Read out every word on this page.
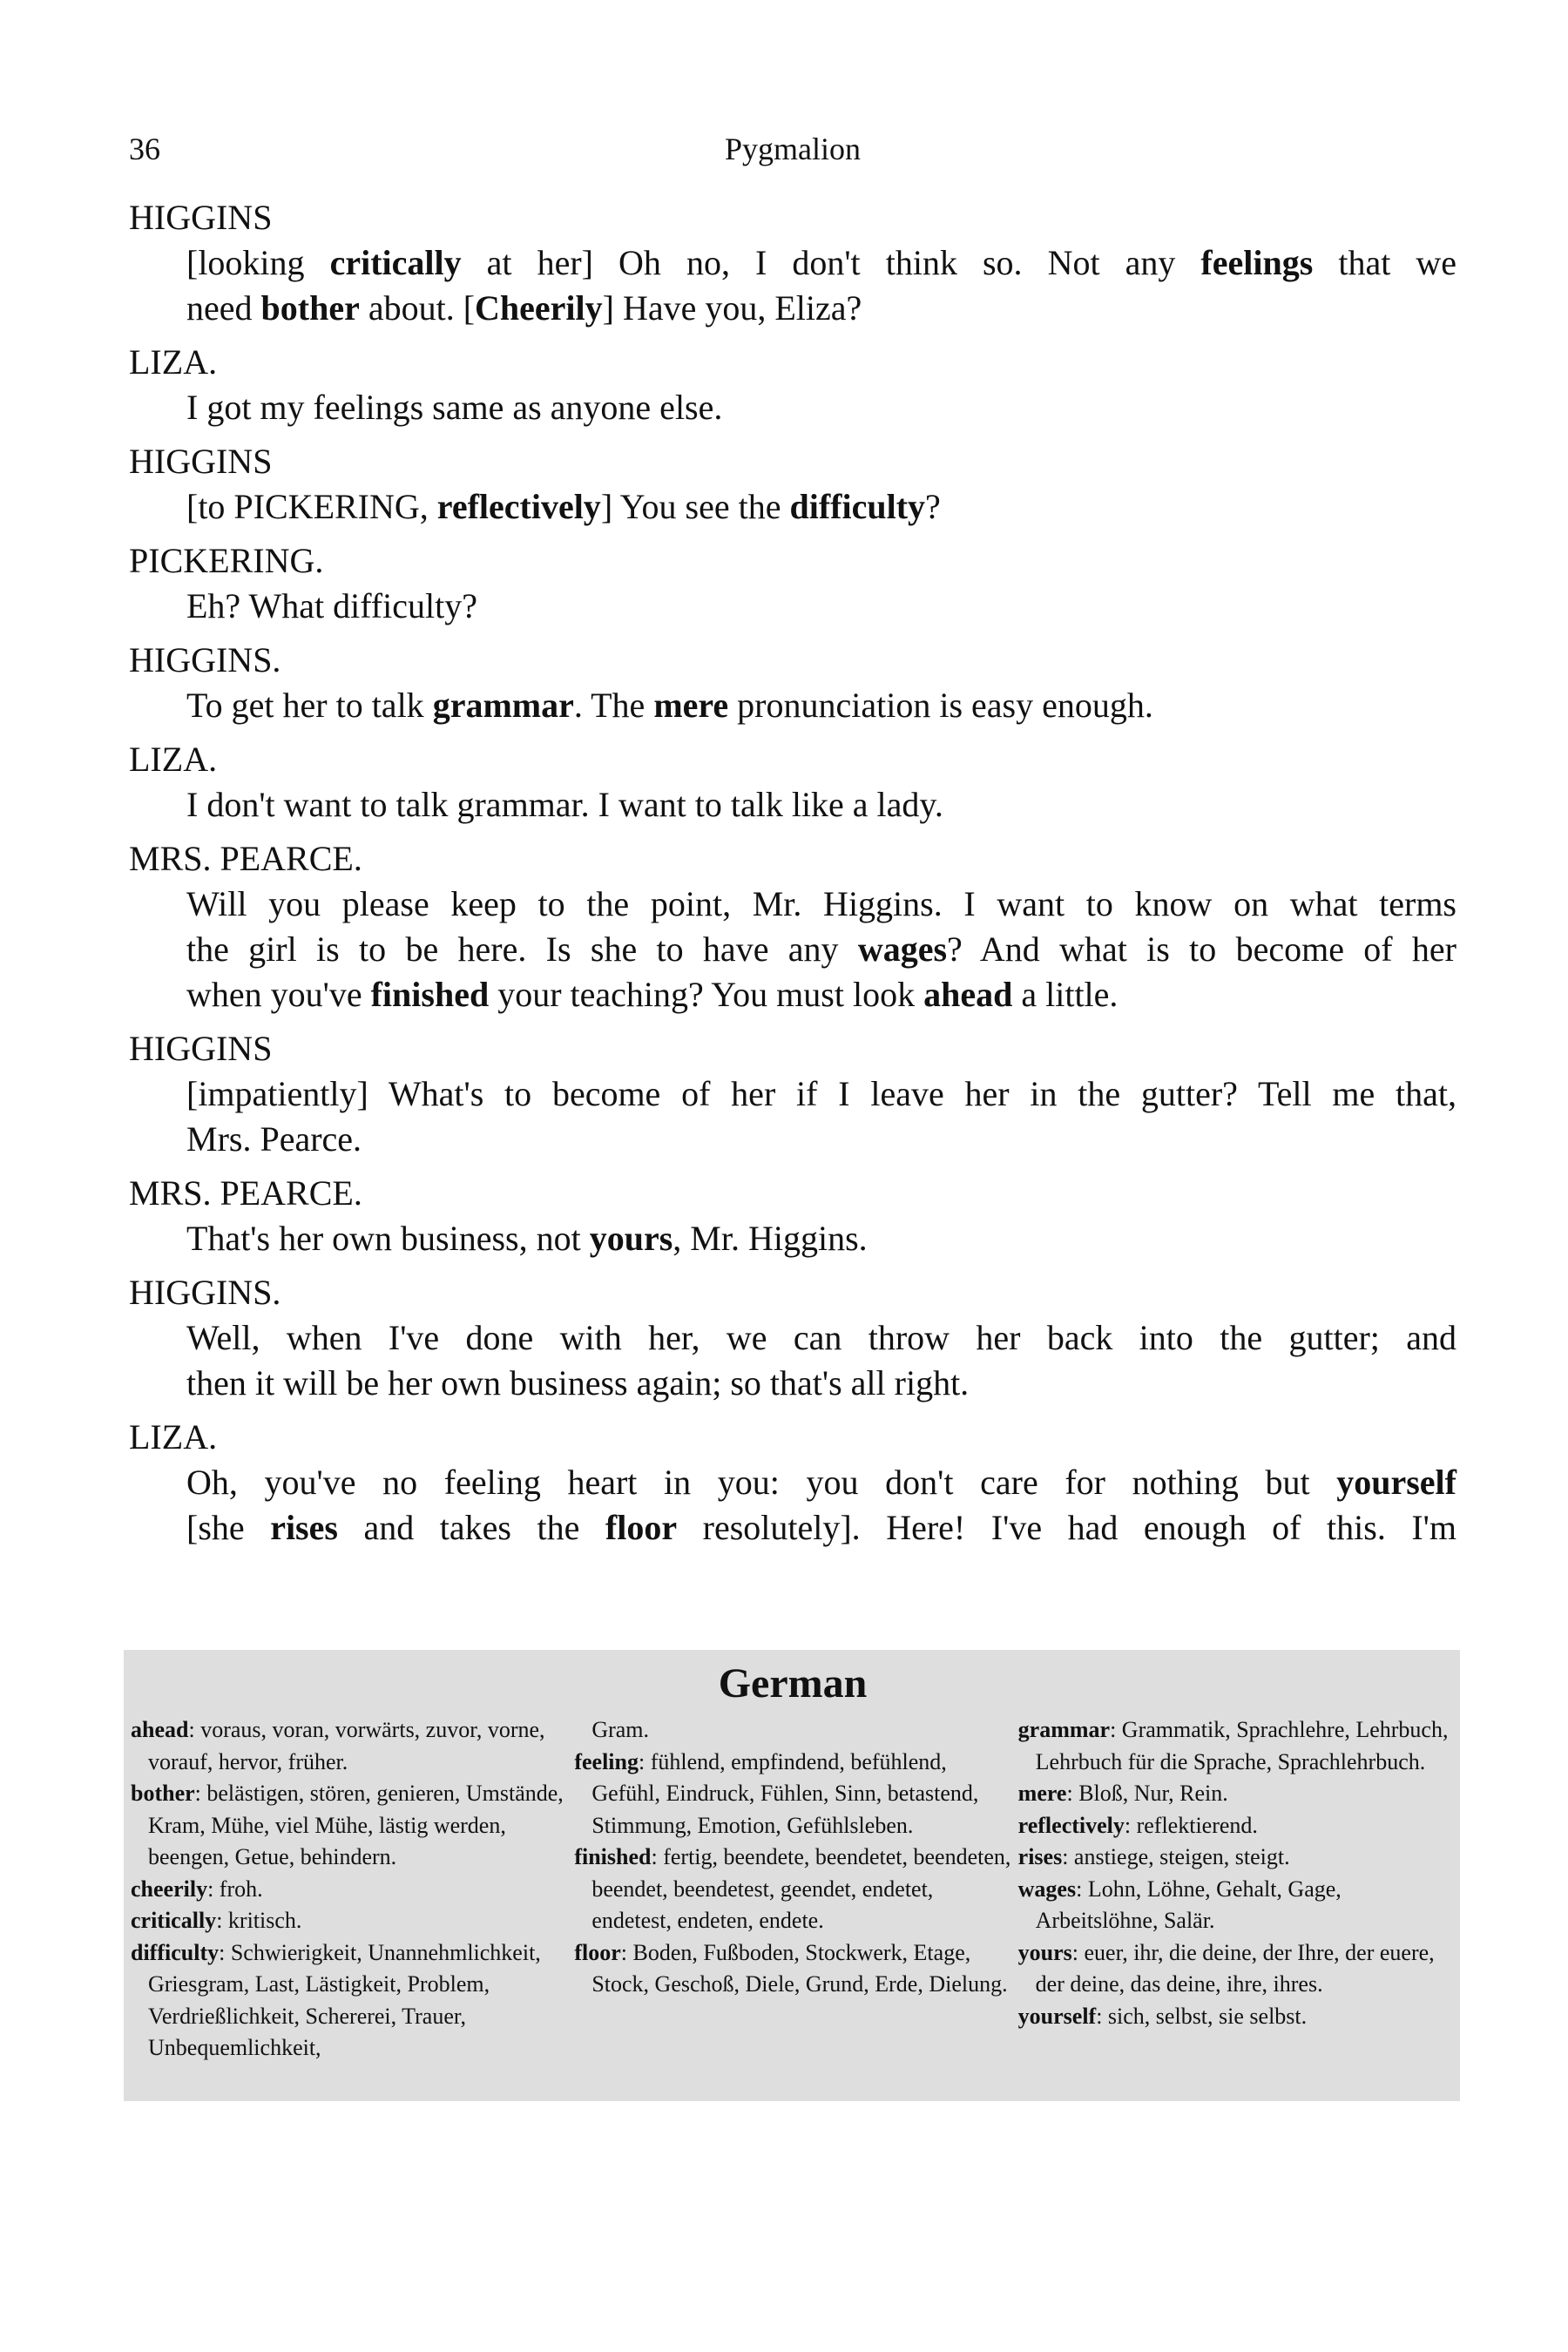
36	Pygmalion
HIGGINS
[looking critically at her] Oh no, I don't think so. Not any feelings that we
need bother about. [Cheerily] Have you, Eliza?
LIZA.
I got my feelings same as anyone else.
HIGGINS
[to PICKERING, reflectively] You see the difficulty?
PICKERING.
Eh? What difficulty?
HIGGINS.
To get her to talk grammar. The mere pronunciation is easy enough.
LIZA.
I don't want to talk grammar. I want to talk like a lady.
MRS. PEARCE.
Will you please keep to the point, Mr. Higgins. I want to know on what terms
the girl is to be here. Is she to have any wages? And what is to become of her
when you've finished your teaching? You must look ahead a little.
HIGGINS
[impatiently] What's to become of her if I leave her in the gutter? Tell me that,
Mrs. Pearce.
MRS. PEARCE.
That's her own business, not yours, Mr. Higgins.
HIGGINS.
Well, when I've done with her, we can throw her back into the gutter; and
then it will be her own business again; so that's all right.
LIZA.
Oh, you've no feeling heart in you: you don't care for nothing but yourself
[she rises and takes the floor resolutely]. Here! I've had enough of this. I'm
German
ahead: voraus, voran, vorwärts, zuvor, vorne, vorauf, hervor, früher.
bother: belästigen, stören, genieren, Umstände, Kram, Mühe, viel Mühe, lästig werden, beengen, Getue, behindern.
cheerily: froh.
critically: kritisch.
difficulty: Schwierigkeit, Unannehmlichkeit, Griesgram, Last, Lästigkeit, Problem, Verdrießlichkeit, Schererei, Trauer, Unbequemlichkeit,
Gram.
feeling: fühlend, empfindend, befühlend, Gefühl, Eindruck, Fühlen, Sinn, betastend, Stimmung, Emotion, Gefühlsleben.
finished: fertig, beendete, beendetet, beendeten, beendet, beendetest, geendet, endetet, endetest, endeten, endete.
floor: Boden, Fußboden, Stockwerk, Etage, Stock, Geschoß, Diele, Grund, Erde, Dielung.
grammar: Grammatik, Sprachlehre, Lehrbuch, Lehrbuch für die Sprache, Sprachlehrbuch.
mere: Bloß, Nur, Rein.
reflectively: reflektierend.
rises: anstiege, steigen, steigt.
wages: Lohn, Löhne, Gehalt, Gage, Arbeitslöhne, Salär.
yours: euer, ihr, die deine, der Ihre, der euere, der deine, das deine, ihre, ihres.
yourself: sich, selbst, sie selbst.
